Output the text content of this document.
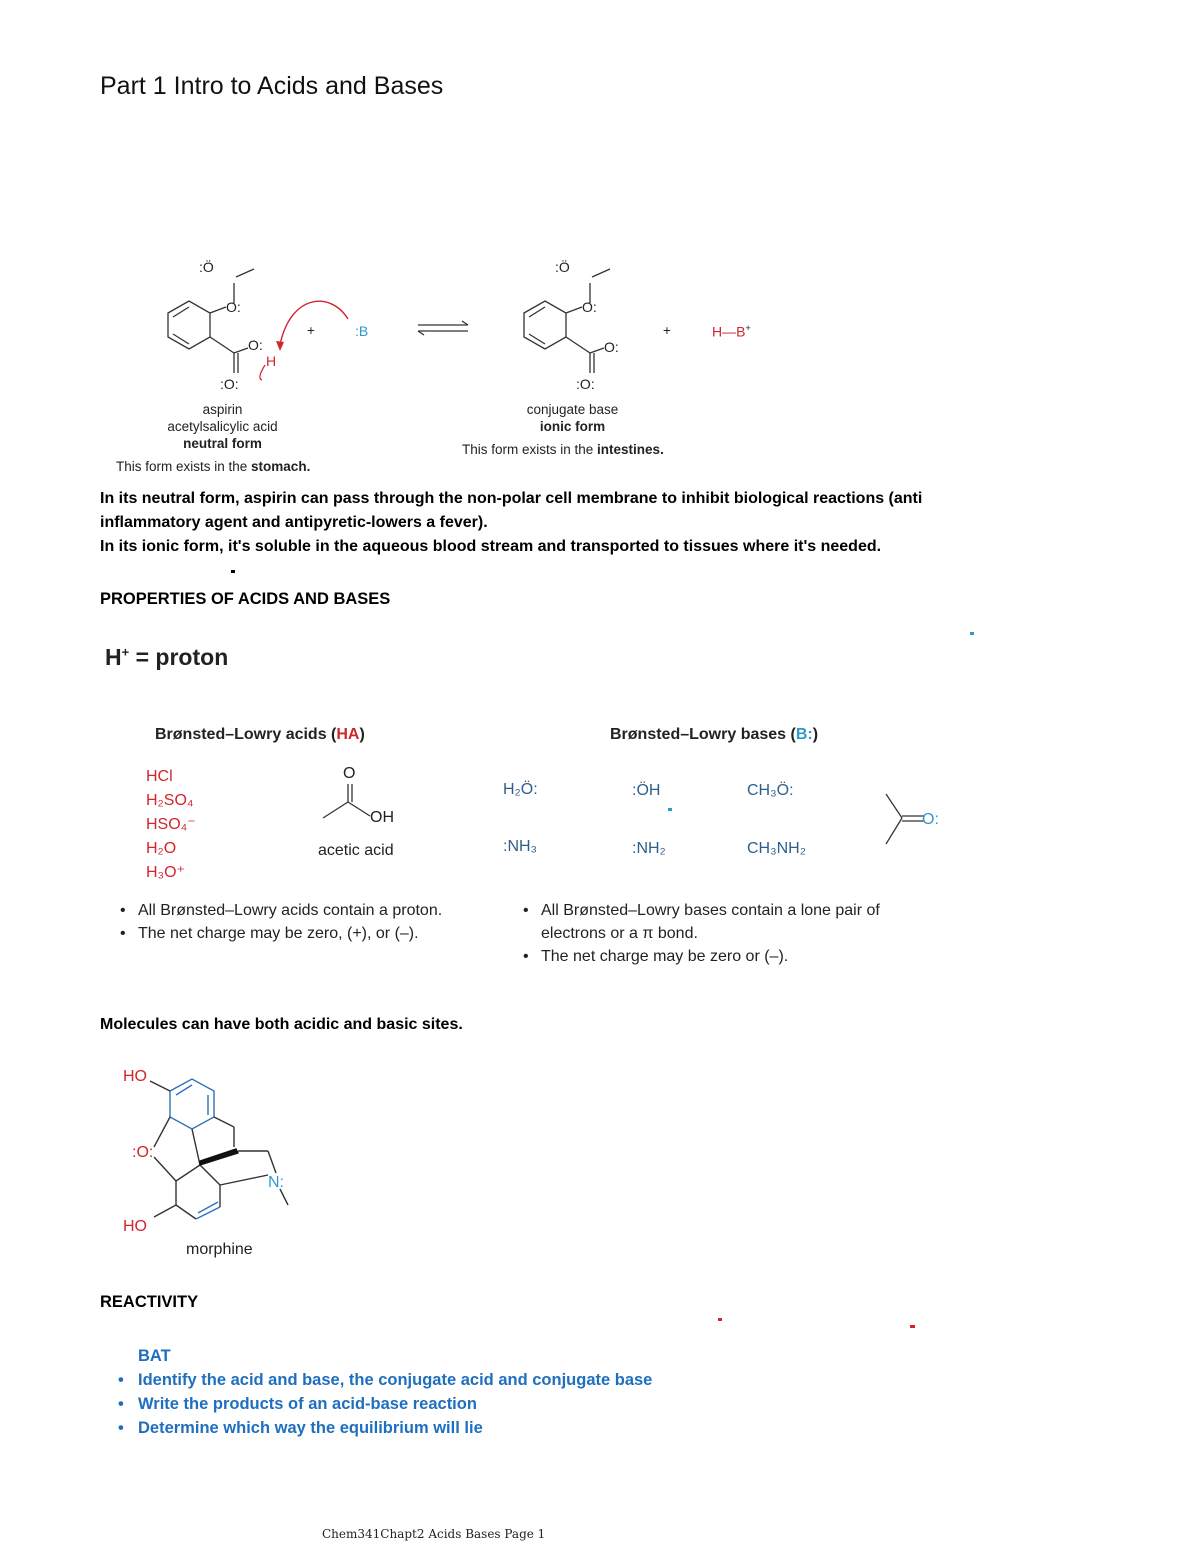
Part 1 Intro to Acids and Bases
:Ö
O:
O:
H
:O:
+	:B
:Ö
O:
O:
:O:
+	H—B+
aspirin
acetylsalicylic acid
neutral form
This form exists in the stomach.
conjugate base
ionic form
This form exists in the intestines.
In its neutral form, aspirin can pass through the non-polar cell membrane to inhibit biological reactions (anti
inflammatory agent and antipyretic-lowers a fever).
In its ionic form, it's soluble in the aqueous blood stream and transported to tissues where it's needed.
PROPERTIES OF ACIDS AND BASES
H+ = proton
Brønsted–Lowry acids (HA)
HCl
H₂SO₄
HSO₄⁻
H₂O
H₃O⁺
O
OH
acetic acid
Brønsted–Lowry bases (B:)
H₂Ö:	:ÖH	CH₃Ö:
:NH₃	:NH₂	CH₃NH₂
O:
• All Brønsted–Lowry acids contain a proton.
• The net charge may be zero, (+), or (–).
• All Brønsted–Lowry bases contain a lone pair of electrons or a π bond.
• The net charge may be zero or (–).
Molecules can have both acidic and basic sites.
HO
:O:
HO
N:
morphine
REACTIVITY
BAT
• Identify the acid and base, the conjugate acid and conjugate base
• Write the products of an acid-base reaction
• Determine which way the equilibrium will lie
Chem341Chapt2 Acids Bases Page 1
